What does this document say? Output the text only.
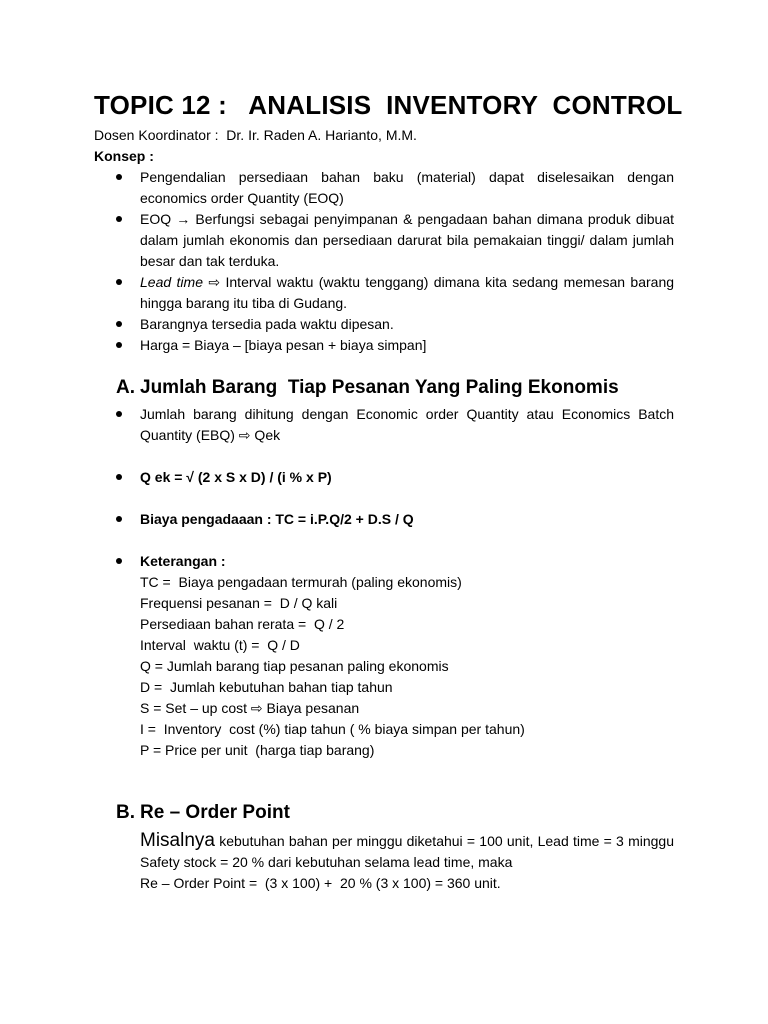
TOPIC 12 :   ANALISIS  INVENTORY  CONTROL
Dosen Koordinator :  Dr. Ir. Raden A. Harianto, M.M.
Konsep :
Pengendalian persediaan bahan baku (material) dapat diselesaikan dengan economics order Quantity (EOQ)
EOQ → Berfungsi sebagai penyimpanan & pengadaan bahan dimana produk dibuat dalam jumlah ekonomis dan persediaan darurat bila pemakaian tinggi/ dalam jumlah besar dan tak terduka.
Lead time ⇨ Interval waktu (waktu tenggang) dimana kita sedang memesan barang hingga barang itu tiba di Gudang.
Barangnya tersedia pada waktu dipesan.
Harga = Biaya – [biaya pesan + biaya simpan]
A. Jumlah Barang  Tiap Pesanan Yang Paling Ekonomis
Jumlah barang dihitung dengan Economic order Quantity atau Economics Batch Quantity (EBQ) ⇨ Qek
Q ek = √ (2 x S x D) / (i % x P)
Biaya pengadaaan : TC = i.P.Q/2 + D.S / Q
Keterangan :
TC =  Biaya pengadaan termurah (paling ekonomis)
Frequensi pesanan =  D / Q kali
Persediaan bahan rerata =  Q / 2
Interval  waktu (t) =  Q / D
Q = Jumlah barang tiap pesanan paling ekonomis
D =  Jumlah kebutuhan bahan tiap tahun
S = Set – up cost ⇨ Biaya pesanan
I =  Inventory  cost (%) tiap tahun ( % biaya simpan per tahun)
P = Price per unit  (harga tiap barang)
B. Re – Order Point
Misalnya kebutuhan bahan per minggu diketahui = 100 unit, Lead time = 3 minggu Safety stock = 20 % dari kebutuhan selama lead time, maka
Re – Order Point =  (3 x 100) +  20 % (3 x 100) = 360 unit.
